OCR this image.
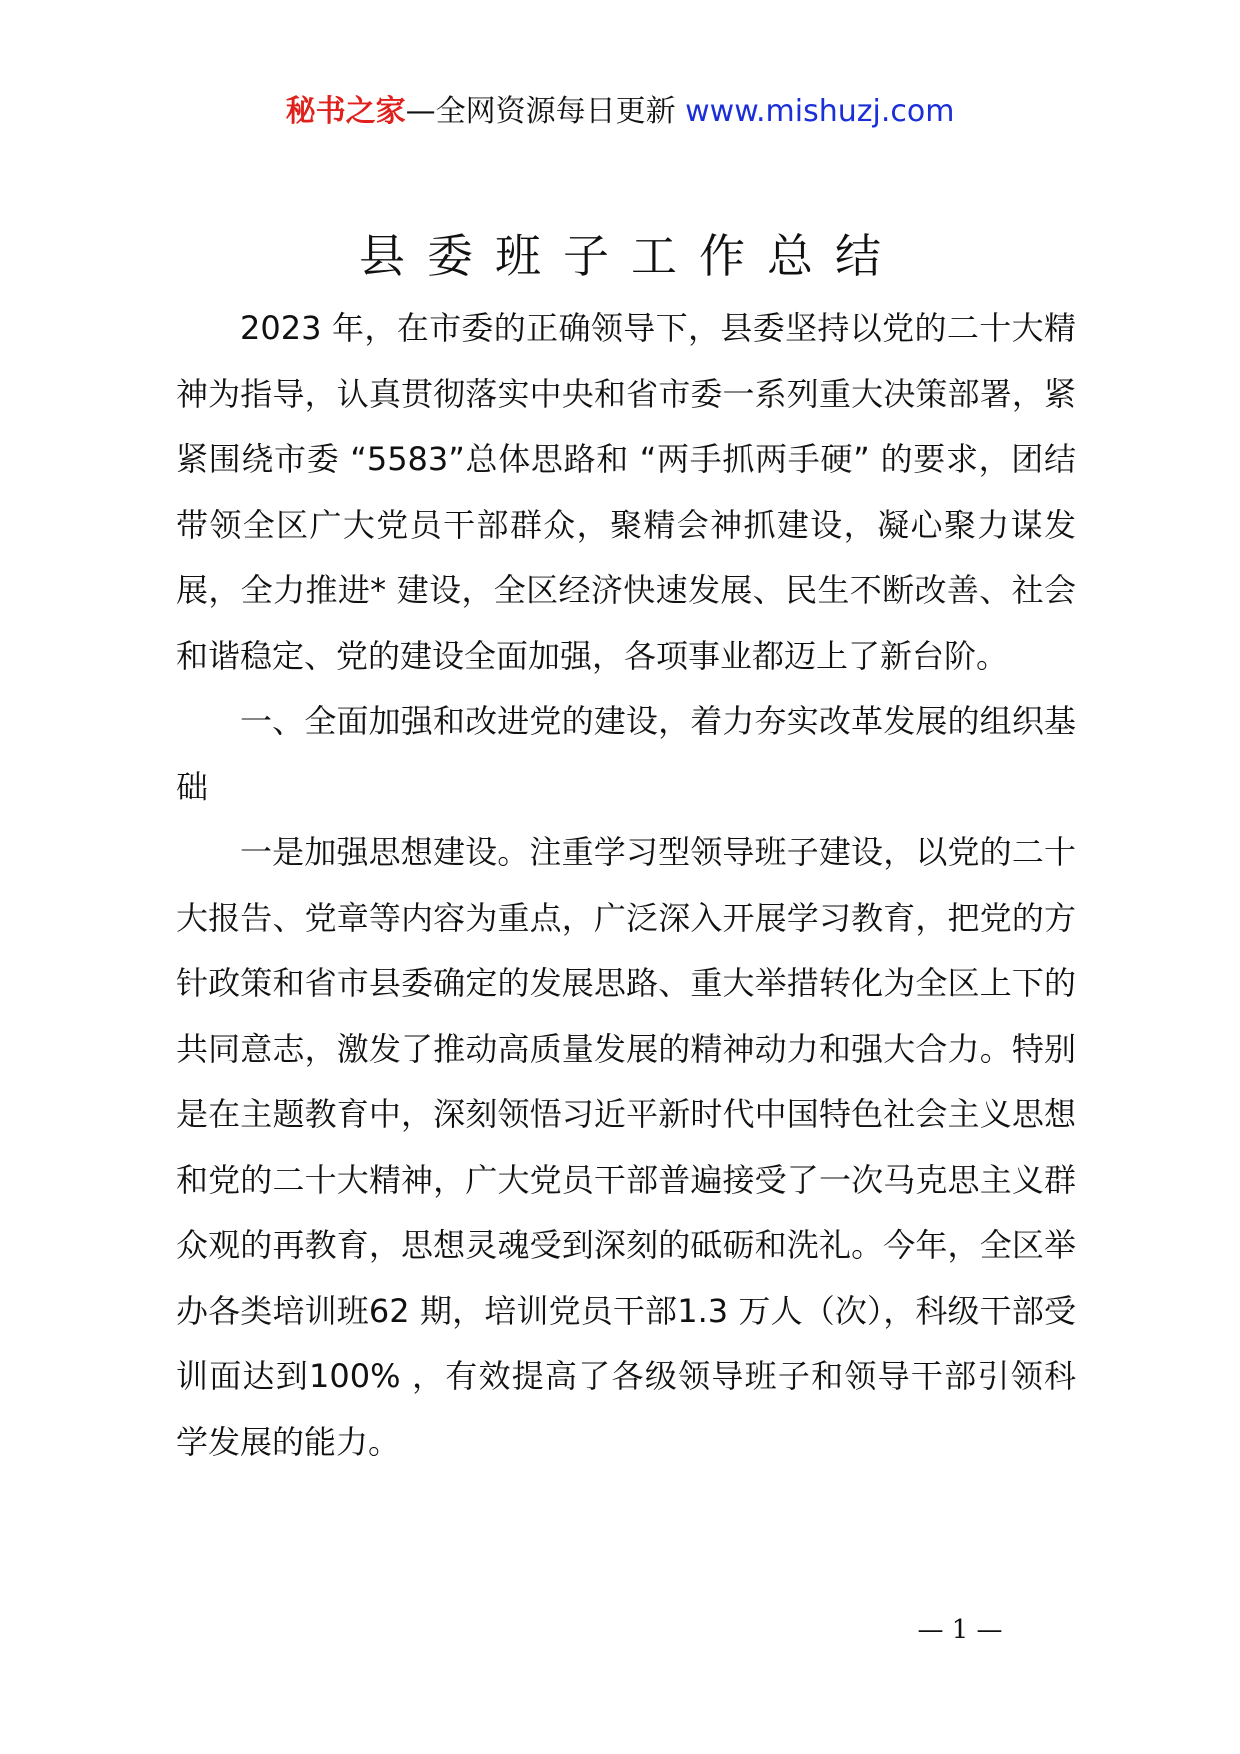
秘书之家—全网资源每日更新 www.mishuzj.com
县委班子工作总结

2023 年，在市委的正确领导下，县委坚持以党的二十大精神为指导，认真贯彻落实中央和省市委一系列重大决策部署，紧紧围绕市委 “5583”总体思路和 “两手抓两手硬” 的要求，团结带领全区广大党员干部群众，聚精会神抓建设，凝心聚力谋发展，全力推进* 建设，全区经济快速发展、民生不断改善、社会和谐稳定、党的建设全面加强，各项事业都迈上了新台阶。

一、全面加强和改进党的建设，着力夯实改革发展的组织基础

一是加强思想建设。注重学习型领导班子建设，以党的二十大报告、党章等内容为重点，广泛深入开展学习教育，把党的方针政策和省市县委确定的发展思路、重大举措转化为全区上下的共同意志，激发了推动高质量发展的精神动力和强大合力。特别是在主题教育中，深刻领悟习近平新时代中国特色社会主义思想和党的二十大精神，广大党员干部普遍接受了一次马克思主义群众观的再教育，思想灵魂受到深刻的砥砺和洗礼。今年，全区举办各类培训班62 期，培训党员干部1.3 万人（次），科级干部受训面达到100% ，有效提高了各级领导班子和领导干部引领科学发展的能力。

— 1 —
